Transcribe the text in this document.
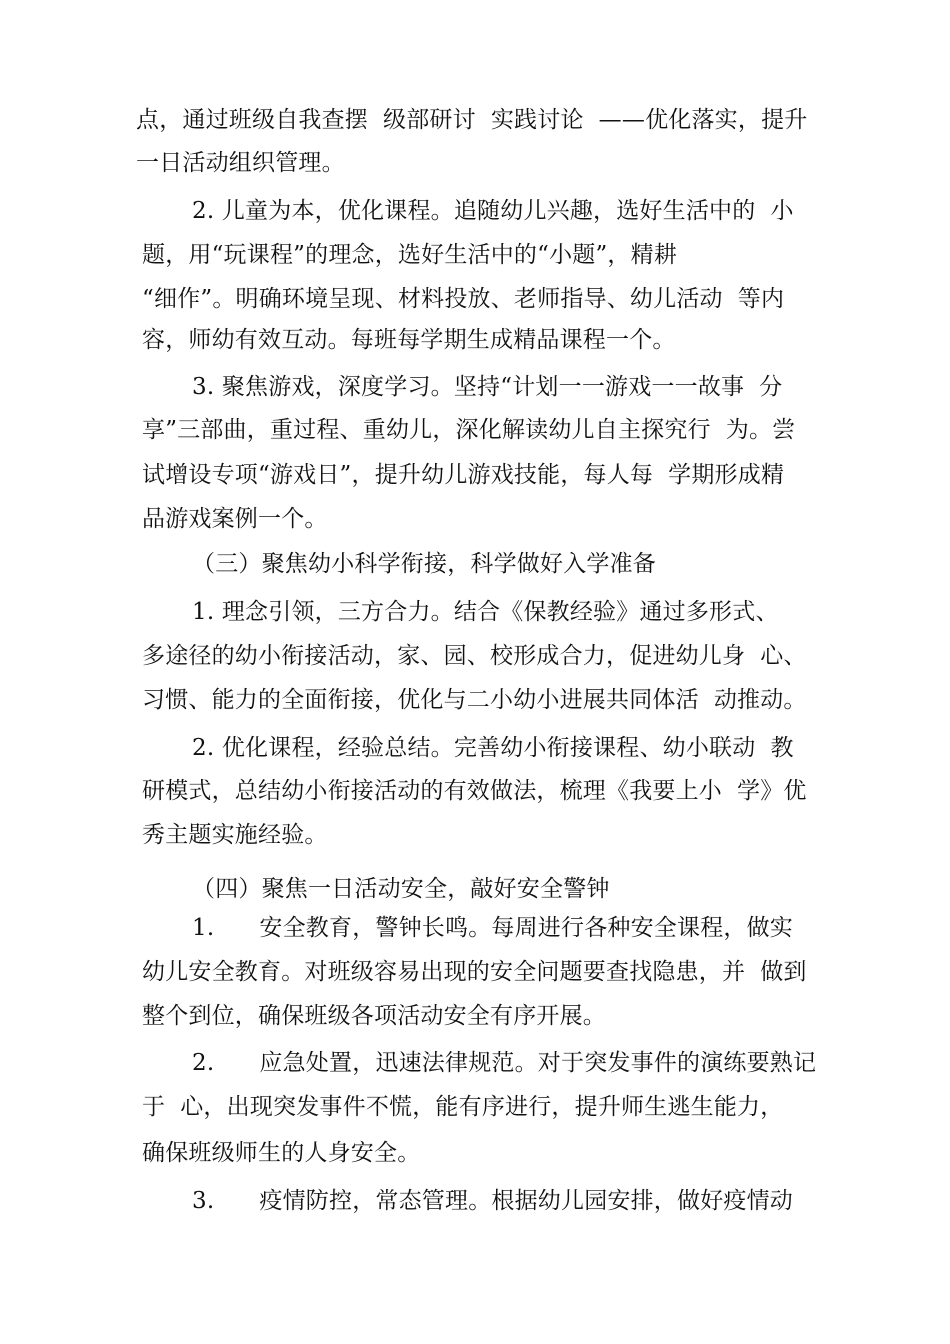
点，通过班级自我查摆  级部研讨  实践讨论  ——优化落实，提升
一日活动组织管理。
2. 儿童为本，优化课程。追随幼儿兴趣，选好生活中的  小
题，用“玩课程”的理念，选好生活中的“小题”，精耕
“细作”。明确环境呈现、材料投放、老师指导、幼儿活动  等内
容，师幼有效互动。每班每学期生成精品课程一个。
3. 聚焦游戏，深度学习。坚持“计划一一游戏一一故事  分
享”三部曲，重过程、重幼儿，深化解读幼儿自主探究行  为。尝
试增设专项“游戏日”，提升幼儿游戏技能，每人每  学期形成精
品游戏案例一个。
（三）聚焦幼小科学衔接，科学做好入学准备
1. 理念引领，三方合力。结合《保教经验》通过多形式、
多途径的幼小衔接活动，家、园、校形成合力，促进幼儿身  心、
习惯、能力的全面衔接，优化与二小幼小进展共同体活  动推动。
2. 优化课程，经验总结。完善幼小衔接课程、幼小联动  教
研模式，总结幼小衔接活动的有效做法，梳理《我要上小  学》优
秀主题实施经验。
（四）聚焦一日活动安全，敲好安全警钟
1.      安全教育，警钟长鸣。每周进行各种安全课程，做实
幼儿安全教育。对班级容易出现的安全问题要查找隐患，并  做到
整个到位，确保班级各项活动安全有序开展。
2.      应急处置，迅速法律规范。对于突发事件的演练要熟记
于  心，出现突发事件不慌，能有序进行，提升师生逃生能力，
确保班级师生的人身安全。
3.      疫情防控，常态管理。根据幼儿园安排，做好疫情动
